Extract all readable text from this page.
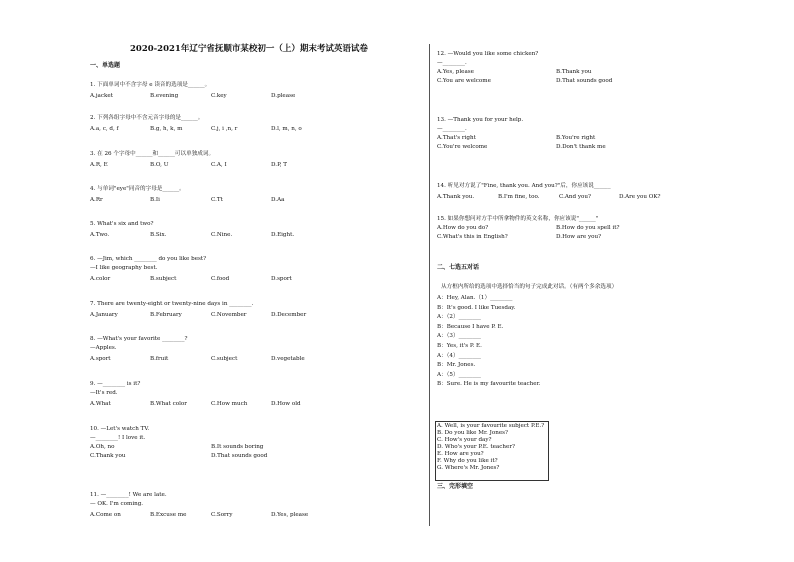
2020-2021年辽宁省抚顺市某校初一（上）期末考试英语试卷
一、单选题
二、七选五对话
从方框内所给的选项中选择恰当的句子完成此对话。（有两个多余选项）
A. Well, is your favourite subject P.E.?
B. Do you like Mr. Jones?
C. How's your day?
D. Who's your P.E. teacher?
E. How are you?
F. Why do you like it?
G. Where's Mr. Jones?
三、完形填空
1. 下面单词中不含字母 e 读音的选项是______。
A.jacket	B.evening	C.key	D.please
2. 下列各组字母中不含元音字母的是______。
A.a, c, d, f	B.g, h, k, m	C.j, i ,n, r	D.l, m, n, o
3. 在 26 个字母中______和______可以单独成词。
A.R, E	B.O, U	C.A, I	D.P, T
4. 与单词"eye"同音的字母是______。
A.Rr	B.Ii	C.Tt	D.Aa
5. What's six and two?
A.Two.	B.Six.	C.Nine.	D.Eight.
6. —Jim, which ________ do you like best?
—I like geography best.
A.color	B.subject	C.food	D.sport
7. There are twenty-eight or twenty-nine days in ________.
A.January	B.February	C.November	D.December
8. —What's your favorite ________?
—Apples.
A.sport	B.fruit	C.subject	D.vegetable
9. —________ is it?
—It's red.
A.What	B.What color	C.How much	D.How old
10. —Let's watch TV.
—________! I love it.
A.Oh, no	B.It sounds boring
C.Thank you	D.That sounds good
11. —________! We are late.
— OK. I'm coming.
A.Come on	B.Excuse me	C.Sorry	D.Yes, please
12. —Would you like some chicken?
—________.
A.Yes, please	B.Thank you
C.You are welcome	D.That sounds good
13. —Thank you for your help.
—________.
A.That's right	B.You're right
C.You're welcome	D.Don't thank me
14. 听见对方说了"Fine, thank you. And you?"后，你应该说______
A.Thank you.	B.I'm fine, too.	C.And you?	D.Are you OK?
15. 如果你想问对方手中所拿物件的英文名称，你应该说"______"
A.How do you do?	B.How do you spell it?
C.What's this in English?	D.How are you?
A：Hey, Alan.（1）________
B：It's good. I like Tuesday.
A：（2）________
B：Because I have P. E.
A：（3）________
B：Yes, it's P. E.
A：（4）________
B：Mr. Jones.
A：（5）________
B：Sure. He is my favourite teacher.
